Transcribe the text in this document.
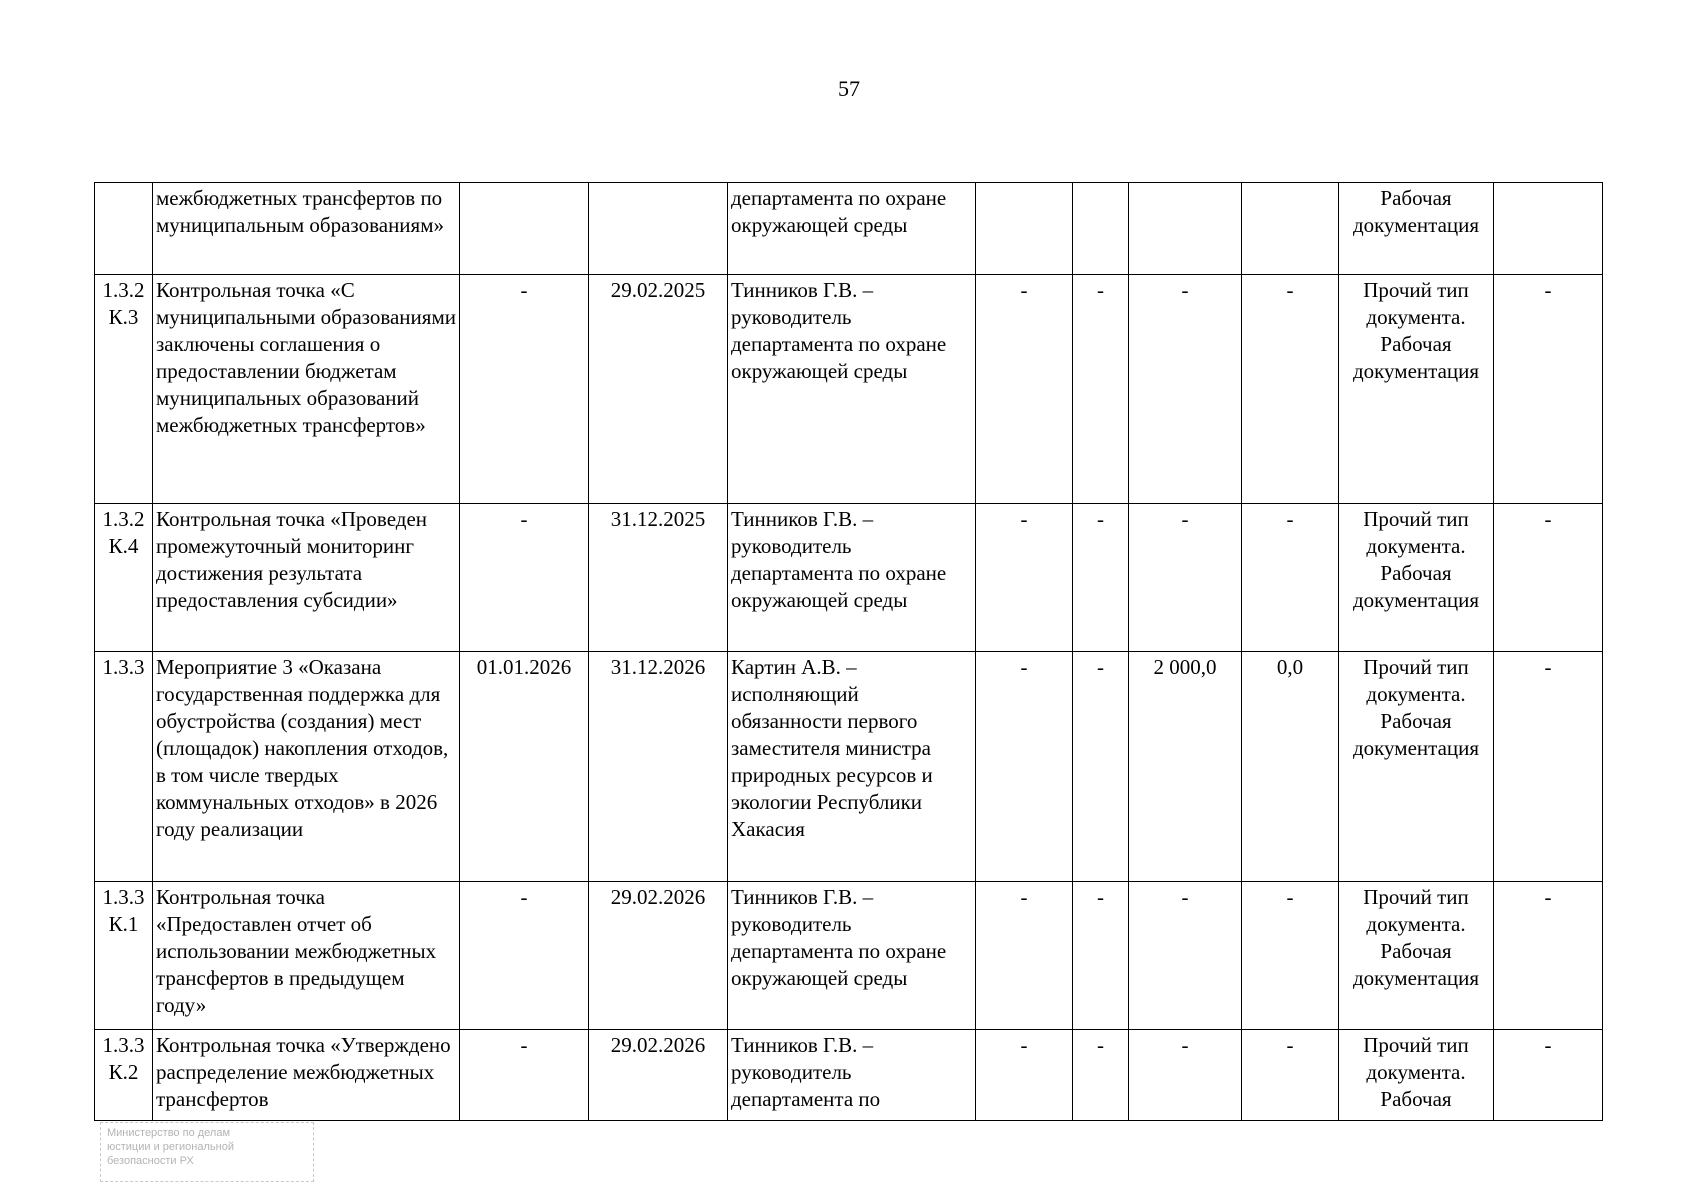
57
	межбюджетных трансфертов по муниципальным образованиям»			департамента по охране окружающей среды					Рабочая документация	
1.3.2 К.3	Контрольная точка «С муниципальными образованиями заключены соглашения о предоставлении бюджетам муниципальных образований межбюджетных трансфертов»	-	29.02.2025	Тинников Г.В. – руководитель департамента по охране окружающей среды	-	-	-	-	Прочий тип документа. Рабочая документация	-
1.3.2 К.4	Контрольная точка «Проведен промежуточный мониторинг достижения результата предоставления субсидии»	-	31.12.2025	Тинников Г.В. – руководитель департамента по охране окружающей среды	-	-	-	-	Прочий тип документа. Рабочая документация	-
1.3.3	Мероприятие 3 «Оказана государственная поддержка для обустройства (создания) мест (площадок) накопления отходов, в том числе твердых коммунальных отходов» в 2026 году реализации	01.01.2026	31.12.2026	Картин А.В. – исполняющий обязанности первого заместителя министра природных ресурсов и экологии Республики Хакасия	-	-	2 000,0	0,0	Прочий тип документа. Рабочая документация	-
1.3.3 К.1	Контрольная точка «Предоставлен отчет об использовании межбюджетных трансфертов в предыдущем году»	-	29.02.2026	Тинников Г.В. – руководитель департамента по охране окружающей среды	-	-	-	-	Прочий тип документа. Рабочая документация	-
1.3.3 К.2	Контрольная точка «Утверждено распределение межбюджетных трансфертов	-	29.02.2026	Тинников Г.В. – руководитель департамента по	-	-	-	-	Прочий тип документа. Рабочая	-
Министерство по делам
юстиции и региональной
безопасности РХ
